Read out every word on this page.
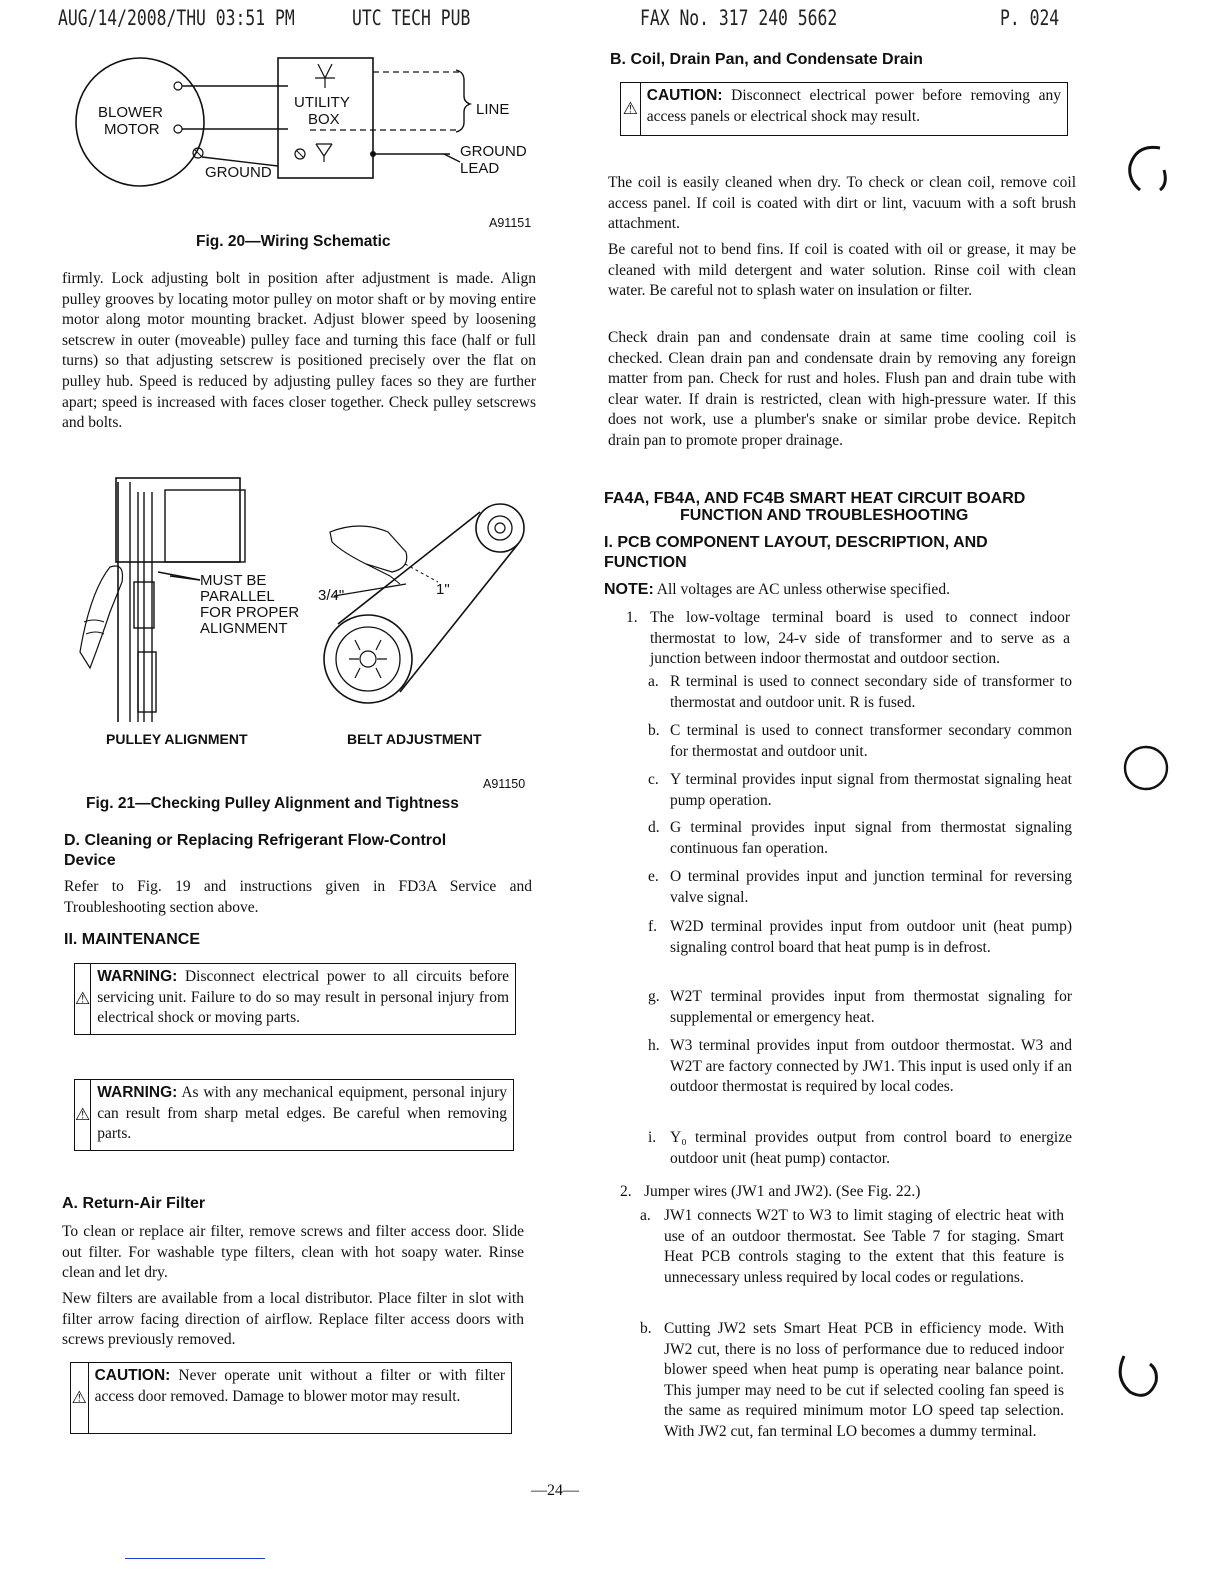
AUG/14/2008/THU 03:51 PM	UTC TECH PUB	FAX No. 317 240 5662	P. 024
BLOWER
MOTOR
UTILITY
BOX
LINE
GROUND
LEAD
GROUND
A91151
Fig. 20—Wiring Schematic
firmly. Lock adjusting bolt in position after adjustment is made. Align pulley grooves by locating motor pulley on motor shaft or by moving entire motor along motor mounting bracket. Adjust blower speed by loosening setscrew in outer (moveable) pulley face and turning this face (half or full turns) so that adjusting setscrew is positioned precisely over the flat on pulley hub. Speed is reduced by adjusting pulley faces so they are further apart; speed is increased with faces closer together. Check pulley setscrews and bolts.
MUST BE
PARALLEL
FOR PROPER
ALIGNMENT
3/4"	1"
PULLEY ALIGNMENT	BELT ADJUSTMENT
A91150
Fig. 21—Checking Pulley Alignment and Tightness
D. Cleaning or Replacing Refrigerant Flow-Control
Device
Refer to Fig. 19 and instructions given in FD3A Service and Troubleshooting section above.
II. MAINTENANCE
⚠
WARNING: Disconnect electrical power to all circuits before servicing unit. Failure to do so may result in personal injury from electrical shock or moving parts.
⚠
WARNING: As with any mechanical equipment, personal injury can result from sharp metal edges. Be careful when removing parts.
A. Return-Air Filter
To clean or replace air filter, remove screws and filter access door. Slide out filter. For washable type filters, clean with hot soapy water. Rinse clean and let dry.
New filters are available from a local distributor. Place filter in slot with filter arrow facing direction of airflow. Replace filter access doors with screws previously removed.
⚠
CAUTION: Never operate unit without a filter or with filter access door removed. Damage to blower motor may result.
B. Coil, Drain Pan, and Condensate Drain
⚠
CAUTION: Disconnect electrical power before removing any access panels or electrical shock may result.
The coil is easily cleaned when dry. To check or clean coil, remove coil access panel. If coil is coated with dirt or lint, vacuum with a soft brush attachment.
Be careful not to bend fins. If coil is coated with oil or grease, it may be cleaned with mild detergent and water solution. Rinse coil with clean water. Be careful not to splash water on insulation or filter.
Check drain pan and condensate drain at same time cooling coil is checked. Clean drain pan and condensate drain by removing any foreign matter from pan. Check for rust and holes. Flush pan and drain tube with clear water. If drain is restricted, clean with high-pressure water. If this does not work, use a plumber's snake or similar probe device. Repitch drain pan to promote proper drainage.
FA4A, FB4A, AND FC4B SMART HEAT CIRCUIT BOARD
FUNCTION AND TROUBLESHOOTING
I. PCB COMPONENT LAYOUT, DESCRIPTION, AND
FUNCTION
NOTE: All voltages are AC unless otherwise specified.
1. The low-voltage terminal board is used to connect indoor thermostat to low, 24-v side of transformer and to serve as a junction between indoor thermostat and outdoor section.
a. R terminal is used to connect secondary side of transformer to thermostat and outdoor unit. R is fused.
b. C terminal is used to connect transformer secondary common for thermostat and outdoor unit.
c. Y terminal provides input signal from thermostat signaling heat pump operation.
d. G terminal provides input signal from thermostat signaling continuous fan operation.
e. O terminal provides input and junction terminal for reversing valve signal.
f. W2D terminal provides input from outdoor unit (heat pump) signaling control board that heat pump is in defrost.
g. W2T terminal provides input from thermostat signaling for supplemental or emergency heat.
h. W3 terminal provides input from outdoor thermostat. W3 and W2T are factory connected by JW1. This input is used only if an outdoor thermostat is required by local codes.
i. Y₀ terminal provides output from control board to energize outdoor unit (heat pump) contactor.
2. Jumper wires (JW1 and JW2). (See Fig. 22.)
a. JW1 connects W2T to W3 to limit staging of electric heat with use of an outdoor thermostat. See Table 7 for staging. Smart Heat PCB controls staging to the extent that this feature is unnecessary unless required by local codes or regulations.
b. Cutting JW2 sets Smart Heat PCB in efficiency mode. With JW2 cut, there is no loss of performance due to reduced indoor blower speed when heat pump is operating near balance point. This jumper may need to be cut if selected cooling fan speed is the same as required minimum motor LO speed tap selection. With JW2 cut, fan terminal LO becomes a dummy terminal.
—24—
